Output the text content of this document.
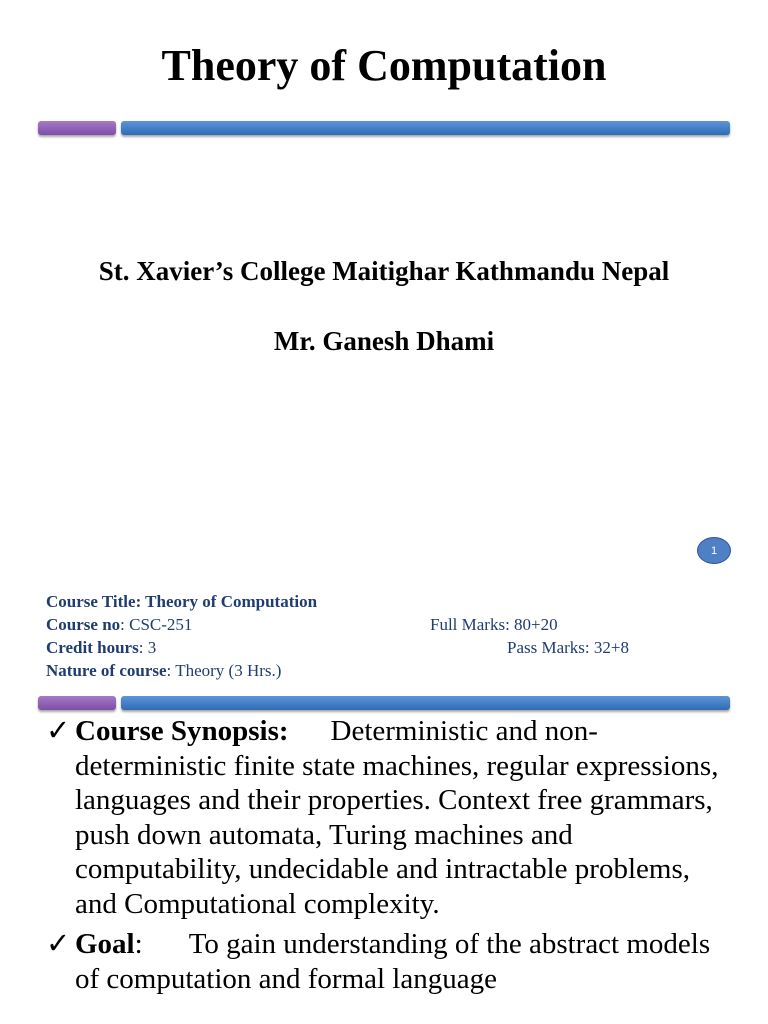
Theory of Computation
St. Xavier’s College Maitighar Kathmandu Nepal
Mr. Ganesh Dhami
1
Course Title: Theory of Computation
Course no: CSC-251	Full Marks: 80+20
Credit hours: 3	Pass Marks: 32+8
Nature of course: Theory (3 Hrs.)
✓ Course Synopsis: Deterministic and non-deterministic finite state machines, regular expressions, languages and their properties. Context free grammars, push down automata, Turing machines and computability, undecidable and intractable problems, and Computational complexity.
✓ Goal: To gain understanding of the abstract models of computation and formal language
